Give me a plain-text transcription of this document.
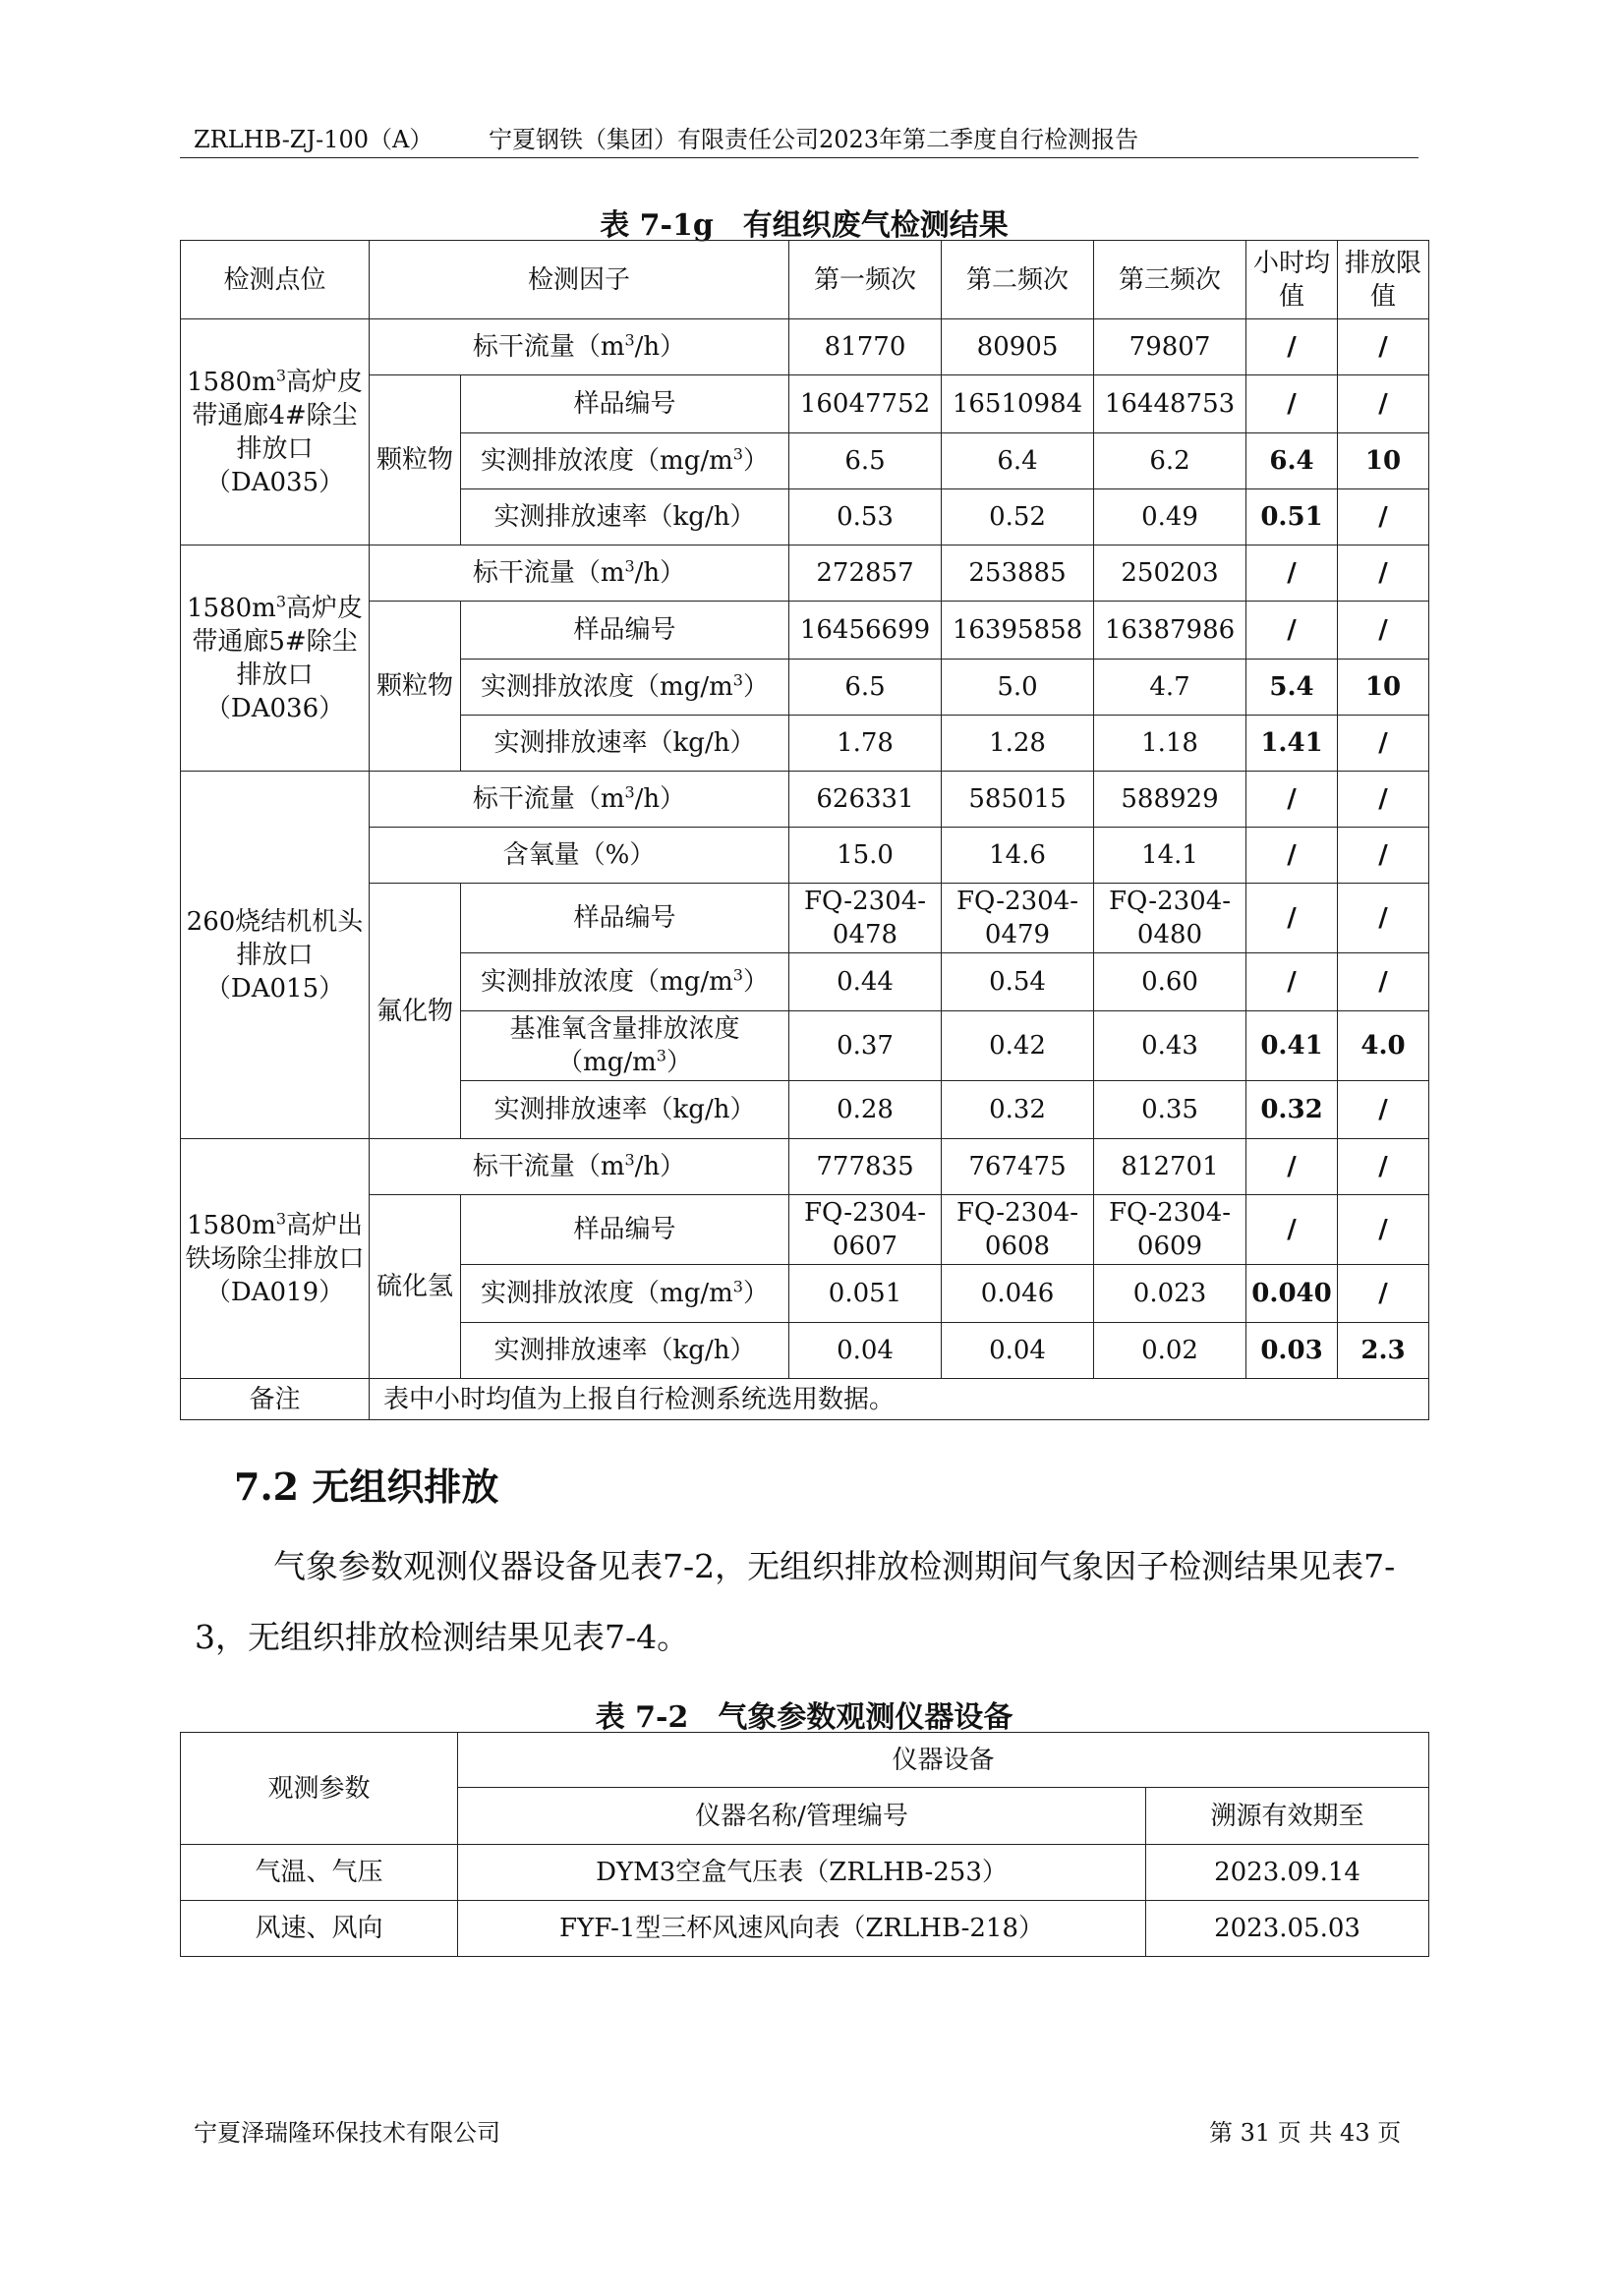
ZRLHB-ZJ-100（A） 宁夏钢铁（集团）有限责任公司2023年第二季度自行检测报告
表 7-1g　有组织废气检测结果
检测点位	检测因子		第一频次	第二频次	第三频次	小时均值	排放限值
$1580m^3$高炉皮带通廊4#除尘排放口（DA035）	标干流量$(m^3/h)$		81770	80905	79807	/	/
	颗粒物	样品编号	16047752	16510984	16448753	/	/
		实测排放浓度$(mg/m^3)$	6.5	6.4	6.2	6.4	10
		实测排放速率（kg/h）	0.53	0.52	0.49	0.51	/
$1580m^3$高炉皮带通廊5#除尘排放口（DA036）	标干流量$(m^3/h)$		272857	253885	250203	/	/
	颗粒物	样品编号	16456699	16395858	16387986	/	/
		实测排放浓度$(mg/m^3)$	6.5	5.0	4.7	5.4	10
		实测排放速率（kg/h）	1.78	1.28	1.18	1.41	/
260烧结机机头排放口（DA015）	标干流量$(m^3/h)$		626331	585015	588929	/	/
	含氧量（%）		15.0	14.6	14.1	/	/
	氟化物	样品编号	FQ-2304-0478	FQ-2304-0479	FQ-2304-0480	/	/
		实测排放浓度$(mg/m^3)$	0.44	0.54	0.60	/	/
		基准氧含量排放浓度$(mg/m^3)$	0.37	0.42	0.43	0.41	4.0
		实测排放速率（kg/h）	0.28	0.32	0.35	0.32	/
$1580m^3$高炉出铁场除尘排放口（DA019）	标干流量$(m^3/h)$		777835	767475	812701	/	/
	硫化氢	样品编号	FQ-2304-0607	FQ-2304-0608	FQ-2304-0609	/	/
		实测排放浓度$(mg/m^3)$	0.051	0.046	0.023	0.040	/
		实测排放速率（kg/h）	0.04	0.04	0.02	0.03	2.3
备注	表中小时均值为上报自行检测系统选用数据。						
7.2 无组织排放
气象参数观测仪器设备见表7-2，无组织排放检测期间气象因子检测结果见表7-3，无组织排放检测结果见表7-4。
表 7-2　气象参数观测仪器设备
观测参数	仪器设备	
	仪器名称/管理编号	溯源有效期至
气温、气压	DYM3空盒气压表（ZRLHB-253）	2023.09.14
风速、风向	FYF-1型三杯风速风向表（ZRLHB-218）	2023.05.03
宁夏泽瑞隆环保技术有限公司	第 31 页 共 43 页
